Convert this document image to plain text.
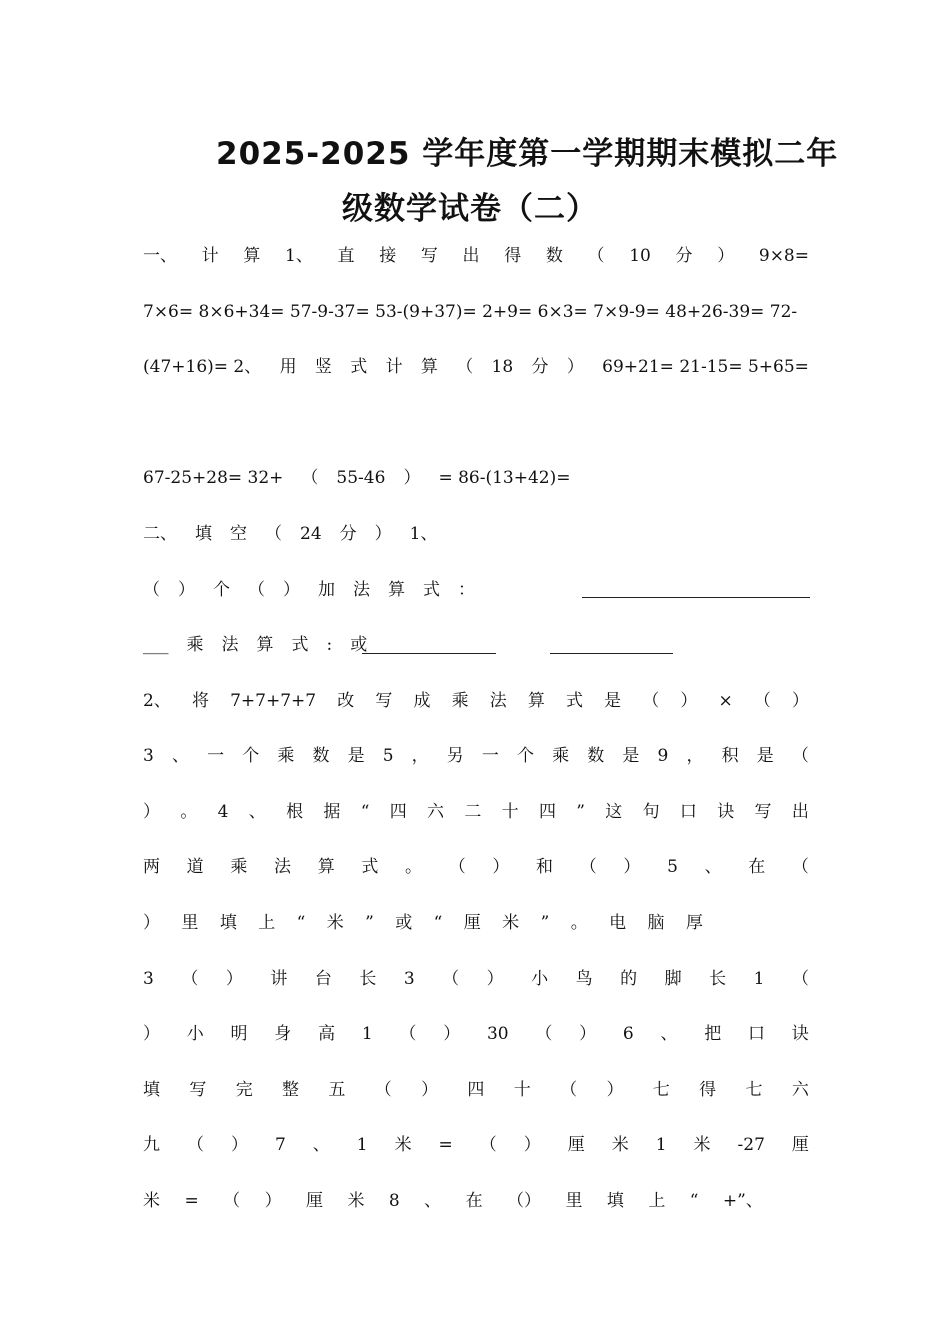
2025-2025 学年度第一学期期末模拟二年
级数学试卷（二）
一、 计 算 1、 直 接 写 出 得 数 （ 10 分 ） 9×8=
7×6= 8×6+34= 57-9-37= 53-(9+37)= 2+9= 6×3= 7×9-9= 48+26-39= 72-
(47+16)= 2、 用 竖 式 计 算 （ 18 分 ） 69+21= 21-15= 5+65=
67-25+28= 32+ （ 55-46 ） = 86-(13+42)=
二、 填 空 （ 24 分 ） 1、
（ ） 个 （ ） 加 法 算 式 ：
___ 乘 法 算 式 : 或
2、 将 7+7+7+7 改 写 成 乘 法 算 式 是 （ ） × （ ）
3 、 一 个 乘 数 是 5 ， 另 一 个 乘 数 是 9 ， 积 是 （
） 。 4 、 根 据 “ 四 六 二 十 四 ” 这 句 口 诀 写 出
两 道 乘 法 算 式 。 （ ） 和 （ ） 5 、 在 （
） 里 填 上 “ 米 ” 或 “ 厘 米 ” 。 电 脑 厚
3 （ ） 讲 台 长 3 （ ） 小 鸟 的 脚 长 1 （
） 小 明 身 高 1 （ ） 30 （ ） 6 、 把 口 诀
填 写 完 整 五 （ ） 四 十 （ ） 七 得 七 六
九 （ ） 7 、 1 米 = （ ） 厘 米 1 米 -27 厘
米 = （ ） 厘 米 8 、 在 （） 里 填 上 “ +”、
